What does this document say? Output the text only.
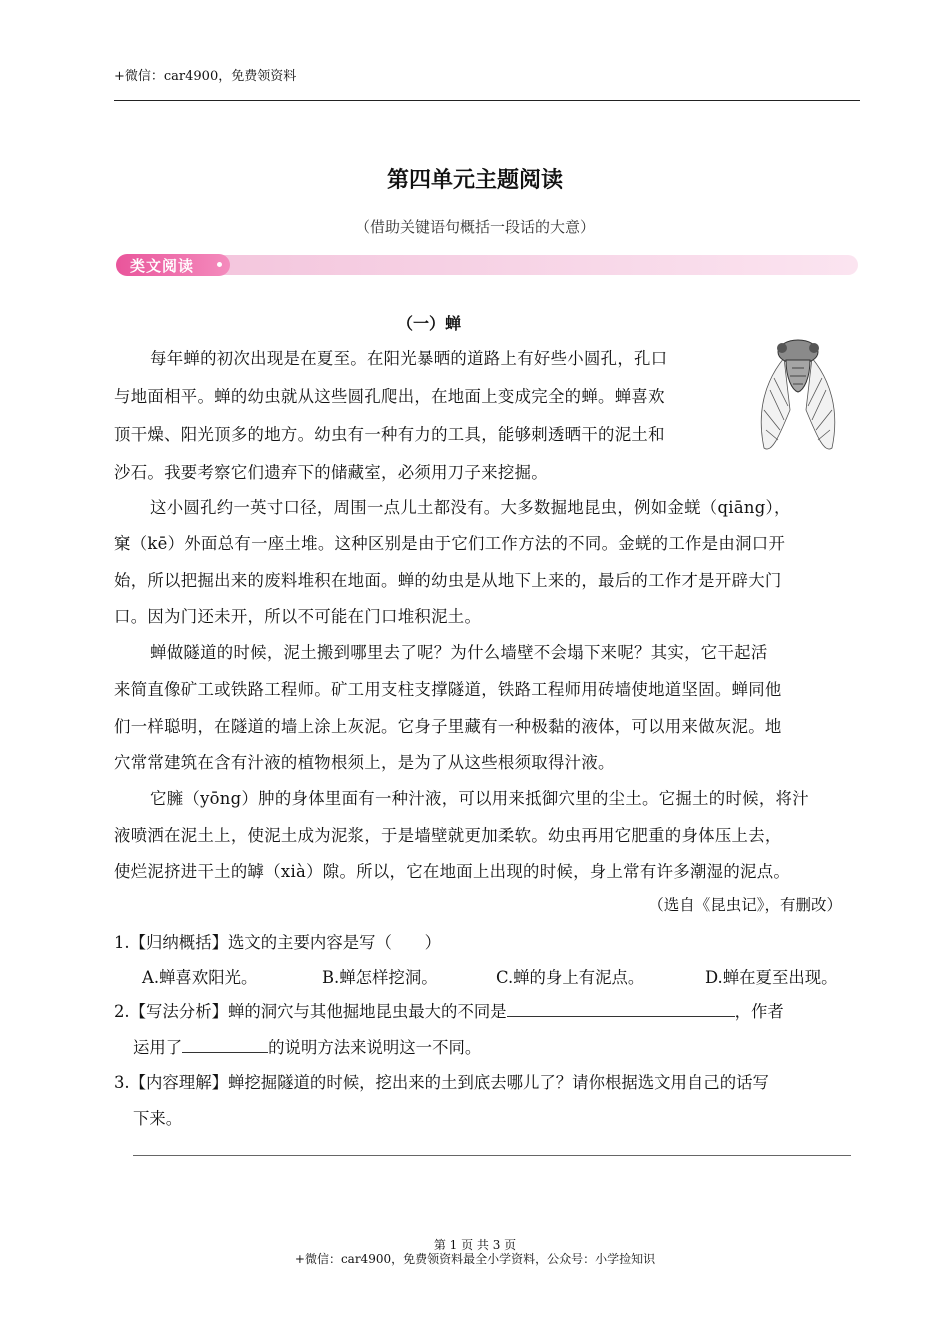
+微信：car4900，免费领资料
第四单元主题阅读
（借助关键语句概括一段话的大意）
类文阅读
（一）蝉
每年蝉的初次出现是在夏至。在阳光暴晒的道路上有好些小圆孔，孔口
与地面相平。蝉的幼虫就从这些圆孔爬出，在地面上变成完全的蝉。蝉喜欢
顶干燥、阳光顶多的地方。幼虫有一种有力的工具，能够刺透晒干的泥土和
沙石。我要考察它们遗弃下的储藏室，必须用刀子来挖掘。
这小圆孔约一英寸口径，周围一点儿土都没有。大多数掘地昆虫，例如金蜣（qiāng），
窠（kē）外面总有一座土堆。这种区别是由于它们工作方法的不同。金蜣的工作是由洞口开
始，所以把掘出来的废料堆积在地面。蝉的幼虫是从地下上来的，最后的工作才是开辟大门
口。因为门还未开，所以不可能在门口堆积泥土。
蝉做隧道的时候，泥土搬到哪里去了呢？为什么墙壁不会塌下来呢？其实，它干起活
来简直像矿工或铁路工程师。矿工用支柱支撑隧道，铁路工程师用砖墙使地道坚固。蝉同他
们一样聪明，在隧道的墙上涂上灰泥。它身子里藏有一种极黏的液体，可以用来做灰泥。地
穴常常建筑在含有汁液的植物根须上，是为了从这些根须取得汁液。
它臃（yōng）肿的身体里面有一种汁液，可以用来抵御穴里的尘土。它掘土的时候，将汁
液喷洒在泥土上，使泥土成为泥浆，于是墙壁就更加柔软。幼虫再用它肥重的身体压上去，
使烂泥挤进干土的罅（xià）隙。所以，它在地面上出现的时候，身上常有许多潮湿的泥点。
（选自《昆虫记》，有删改）
1.【归纳概括】选文的主要内容是写（　　）
A.蝉喜欢阳光。	B.蝉怎样挖洞。	C.蝉的身上有泥点。	D.蝉在夏至出现。
2.【写法分析】蝉的洞穴与其他掘地昆虫最大的不同是	，作者
运用了	的说明方法来说明这一不同。
3.【内容理解】蝉挖掘隧道的时候，挖出来的土到底去哪儿了？请你根据选文用自己的话写
下来。
第 1 页 共 3 页
+微信：car4900，免费领资料最全小学资料，公众号：小学捡知识
